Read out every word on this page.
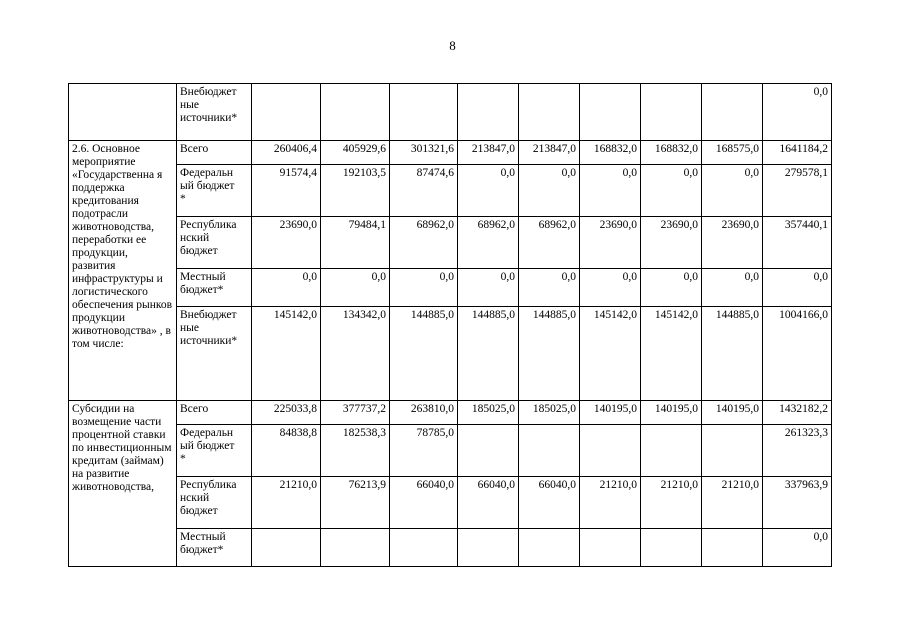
8
	Внебюджет
ные
источники*									0,0
2.6. Основное мероприятие «Государственна я поддержка кредитования подотрасли животноводства, переработки ее продукции, развития инфраструктуры и логистического обеспечения рынков продукции животноводства» , в том числе:	Всего	260406,4	405929,6	301321,6	213847,0	213847,0	168832,0	168832,0	168575,0	1641184,2
	Федеральн
ый бюджет
*	91574,4	192103,5	87474,6	0,0	0,0	0,0	0,0	0,0	279578,1
	Республика
нский
бюджет	23690,0	79484,1	68962,0	68962,0	68962,0	23690,0	23690,0	23690,0	357440,1
	Местный
бюджет*	0,0	0,0	0,0	0,0	0,0	0,0	0,0	0,0	0,0
	Внебюджет
ные
источники*	145142,0	134342,0	144885,0	144885,0	144885,0	145142,0	145142,0	144885,0	1004166,0
Субсидии на возмещение части процентной ставки по инвестиционным кредитам (займам) на развитие животноводства,	Всего	225033,8	377737,2	263810,0	185025,0	185025,0	140195,0	140195,0	140195,0	1432182,2
	Федеральн
ый бюджет
*	84838,8	182538,3	78785,0						261323,3
	Республика
нский
бюджет	21210,0	76213,9	66040,0	66040,0	66040,0	21210,0	21210,0	21210,0	337963,9
	Местный
бюджет*									0,0
